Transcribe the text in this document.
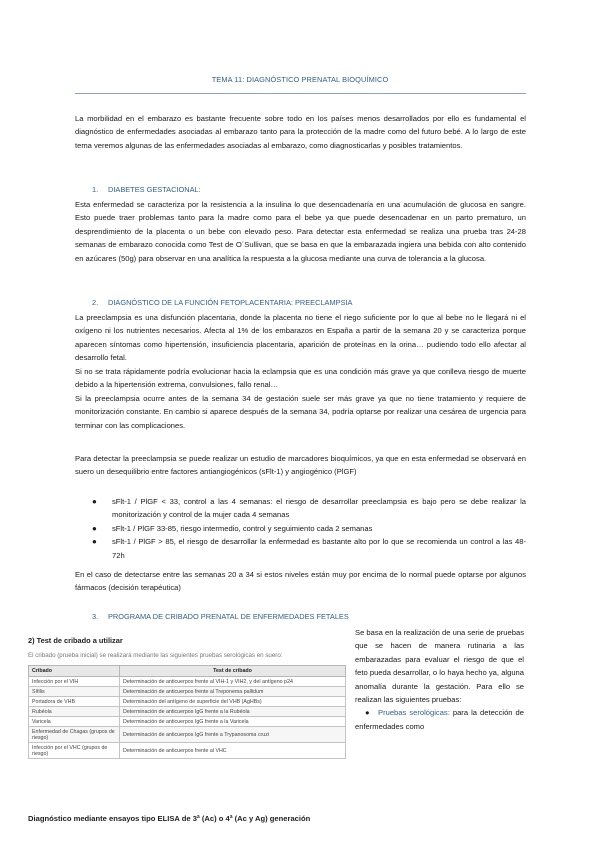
TEMA 11: DIAGNÓSTICO PRENATAL BIOQUÍMICO

La morbilidad en el embarazo es bastante frecuente sobre todo en los países menos desarrollados por ello es fundamental el diagnóstico de enfermedades asociadas al embarazo tanto para la protección de la madre como del futuro bebé. A lo largo de este tema veremos algunas de las enfermedades asociadas al embarazo, como diagnosticarlas y posibles tratamientos.

1. DIABETES GESTACIONAL:

Esta enfermedad se caracteriza por la resistencia a la insulina lo que desencadenaría en una acumulación de glucosa en sangre. Esto puede traer problemas tanto para la madre como para el bebe ya que puede desencadenar en un parto prematuro, un desprendimiento de la placenta o un bebe con elevado peso. Para detectar esta enfermedad se realiza una prueba tras 24-28 semanas de embarazo conocida como Test de O´Sullivan, que se basa en que la embarazada ingiera una bebida con alto contenido en azúcares (50g) para observar en una analítica la respuesta a la glucosa mediante una curva de tolerancia a la glucosa.

2. DIAGNÓSTICO DE LA FUNCIÓN FETOPLACENTARIA: PREECLAMPSIA

La preeclampsia es una disfunción placentaria, donde la placenta no tiene el riego suficiente por lo que al bebe no le llegará ni el oxígeno ni los nutrientes necesarios. Afecta al 1% de los embarazos en España a partir de la semana 20 y se caracteriza porque aparecen síntomas como hipertensión, insuficiencia placentaria, aparición de proteínas en la orina… pudiendo todo ello afectar al desarrollo fetal.

Si no se trata rápidamente podría evolucionar hacia la eclampsia que es una condición más grave ya que conlleva riesgo de muerte debido a la hipertensión extrema, convulsiones, fallo renal…

Si la preeclampsia ocurre antes de la semana 34 de gestación suele ser más grave ya que no tiene tratamiento y requiere de monitorización constante. En cambio si aparece después de la semana 34, podría optarse por realizar una cesárea de urgencia para terminar con las complicaciones.

Para detectar la preeclampsia se puede realizar un estudio de marcadores bioquímicos, ya que en esta enfermedad se observará en suero un desequilibrio entre factores antiangiogénicos (sFlt-1) y angiogénico (PlGF)

● sFlt-1 / PlGF < 33, control a las 4 semanas: el riesgo de desarrollar preeclampsia es bajo pero se debe realizar la monitorización y control de la mujer cada 4 semanas
● sFlt-1 / PlGF 33-85, riesgo intermedio, control y seguimiento cada 2 semanas
● sFlt-1 / PlGF > 85, el riesgo de desarrollar la enfermedad es bastante alto por lo que se recomienda un control a las 48-72h

En el caso de detectarse entre las semanas 20 a 34 si estos niveles están muy por encima de lo normal puede optarse por algunos fármacos (decisión terapéutica)

3. PROGRAMA DE CRIBADO PRENATAL DE ENFERMEDADES FETALES
2) Test de cribado a utilizar
El cribado (prueba inicial) se realizará mediante las siguientes pruebas serológicas en suero:
Cribado	Test de cribado
Infección por el VIH	Determinación de anticuerpos frente al VIH-1 y VIH2, y del antígeno p24
Sífilis	Determinación de anticuerpos frente al Treponema pallidum
Portadora de VHB	Determinación del antígeno de superficie del VHB (AgHBs)
Rubéola	Determinación de anticuerpos IgG frente a la Rubéola
Varicela	Determinación de anticuerpos IgG frente a la Varicela
Enfermedad de Chagas (grupos de riesgo)	Determinación de anticuerpos IgG frente a Trypanosoma cruzi
Infección por el VHC (grupos de riesgo)	Determinación de anticuerpos frente al VHC
Diagnóstico mediante ensayos tipo ELISA de 3ª (Ac) o 4ª (Ac y Ag) generación
Se basa en la realización de una serie de pruebas que se hacen de manera rutinaria a las embarazadas para evaluar el riesgo de que el feto pueda desarrollar, o lo haya hecho ya, alguna anomalía durante la gestación. Para ello se realizan las siguientes pruebas:
● Pruebas serológicas: para la detección de enfermedades como
